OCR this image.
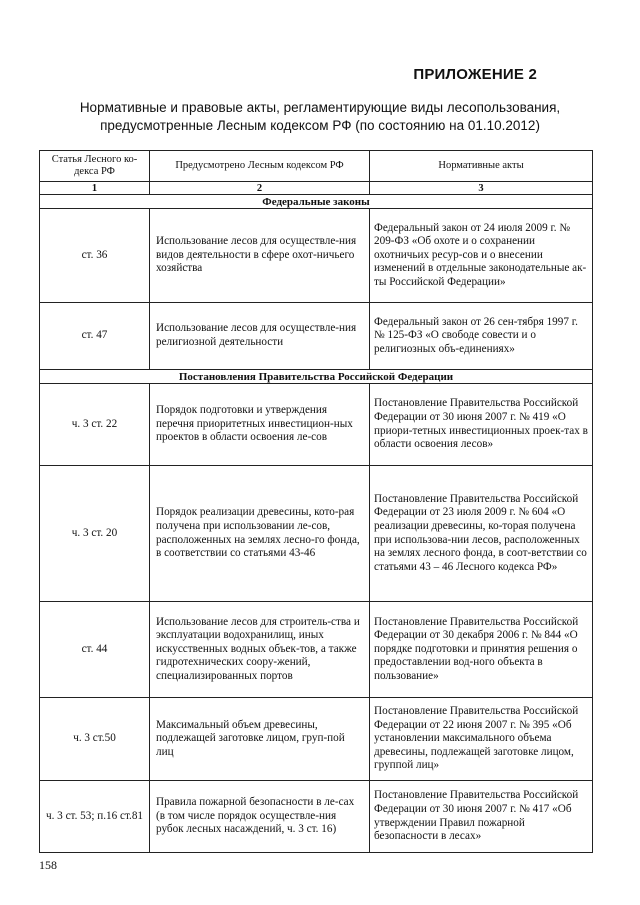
ПРИЛОЖЕНИЕ 2
Нормативные и правовые акты, регламентирующие виды лесопользования,
предусмотренные Лесным кодексом РФ (по состоянию на 01.10.2012)
Статья Лесного ко-декса РФ	Предусмотрено Лесным кодексом РФ	Нормативные акты
1	2	3
Федеральные законы		
ст. 36	Использование лесов для осуществле-ния видов деятельности в сфере охот-ничьего хозяйства	Федеральный закон от 24 июля 2009 г. № 209-ФЗ «Об охоте и о сохранении охотничьих ресур-сов и о внесении изменений в отдельные законодательные ак-ты Российской Федерации»
ст. 47	Использование лесов для осуществле-ния религиозной деятельности	Федеральный закон от 26 сен-тября 1997 г. № 125-ФЗ «О свободе совести и о религиозных объ-единениях»
Постановления Правительства Российской Федерации		
ч. 3 ст. 22	Порядок подготовки и утверждения перечня приоритетных инвестицион-ных проектов в области освоения ле-сов	Постановление Правительства Российской Федерации от 30 июня 2007 г. № 419 «О приори-тетных инвестиционных проек-тах в области освоения лесов»
ч. 3 ст. 20	Порядок реализации древесины, кото-рая получена при использовании ле-сов, расположенных на землях лесно-го фонда, в соответствии со статьями 43-46	Постановление Правительства Российской Федерации от 23 июля 2009 г. № 604 «О реализации древесины, ко-торая получена при использова-нии лесов, расположенных на землях лесного фонда, в соот-ветствии со статьями 43 – 46 Лесного кодекса РФ»
ст. 44	Использование лесов для строитель-ства и эксплуатации водохранилищ, иных искусственных водных объек-тов, а также гидротехнических соору-жений, специализированных портов	Постановление Правительства Российской Федерации от 30 декабря 2006 г. № 844 «О порядке подготовки и принятия решения о предоставлении вод-ного объекта в пользование»
ч. 3 ст.50	Максимальный объем древесины, подлежащей заготовке лицом, груп-пой лиц	Постановление Правительства Российской Федерации от 22 июня 2007 г. № 395 «Об установлении максимального объема древесины, подлежащей заготовке лицом, группой лиц»
ч. 3 ст. 53; п.16 ст.81	Правила пожарной безопасности в ле-сах (в том числе порядок осуществле-ния рубок лесных насаждений, ч. 3 ст. 16)	Постановление Правительства Российской Федерации от 30 июня 2007 г. № 417 «Об утверждении Правил пожарной безопасности в лесах»
158
